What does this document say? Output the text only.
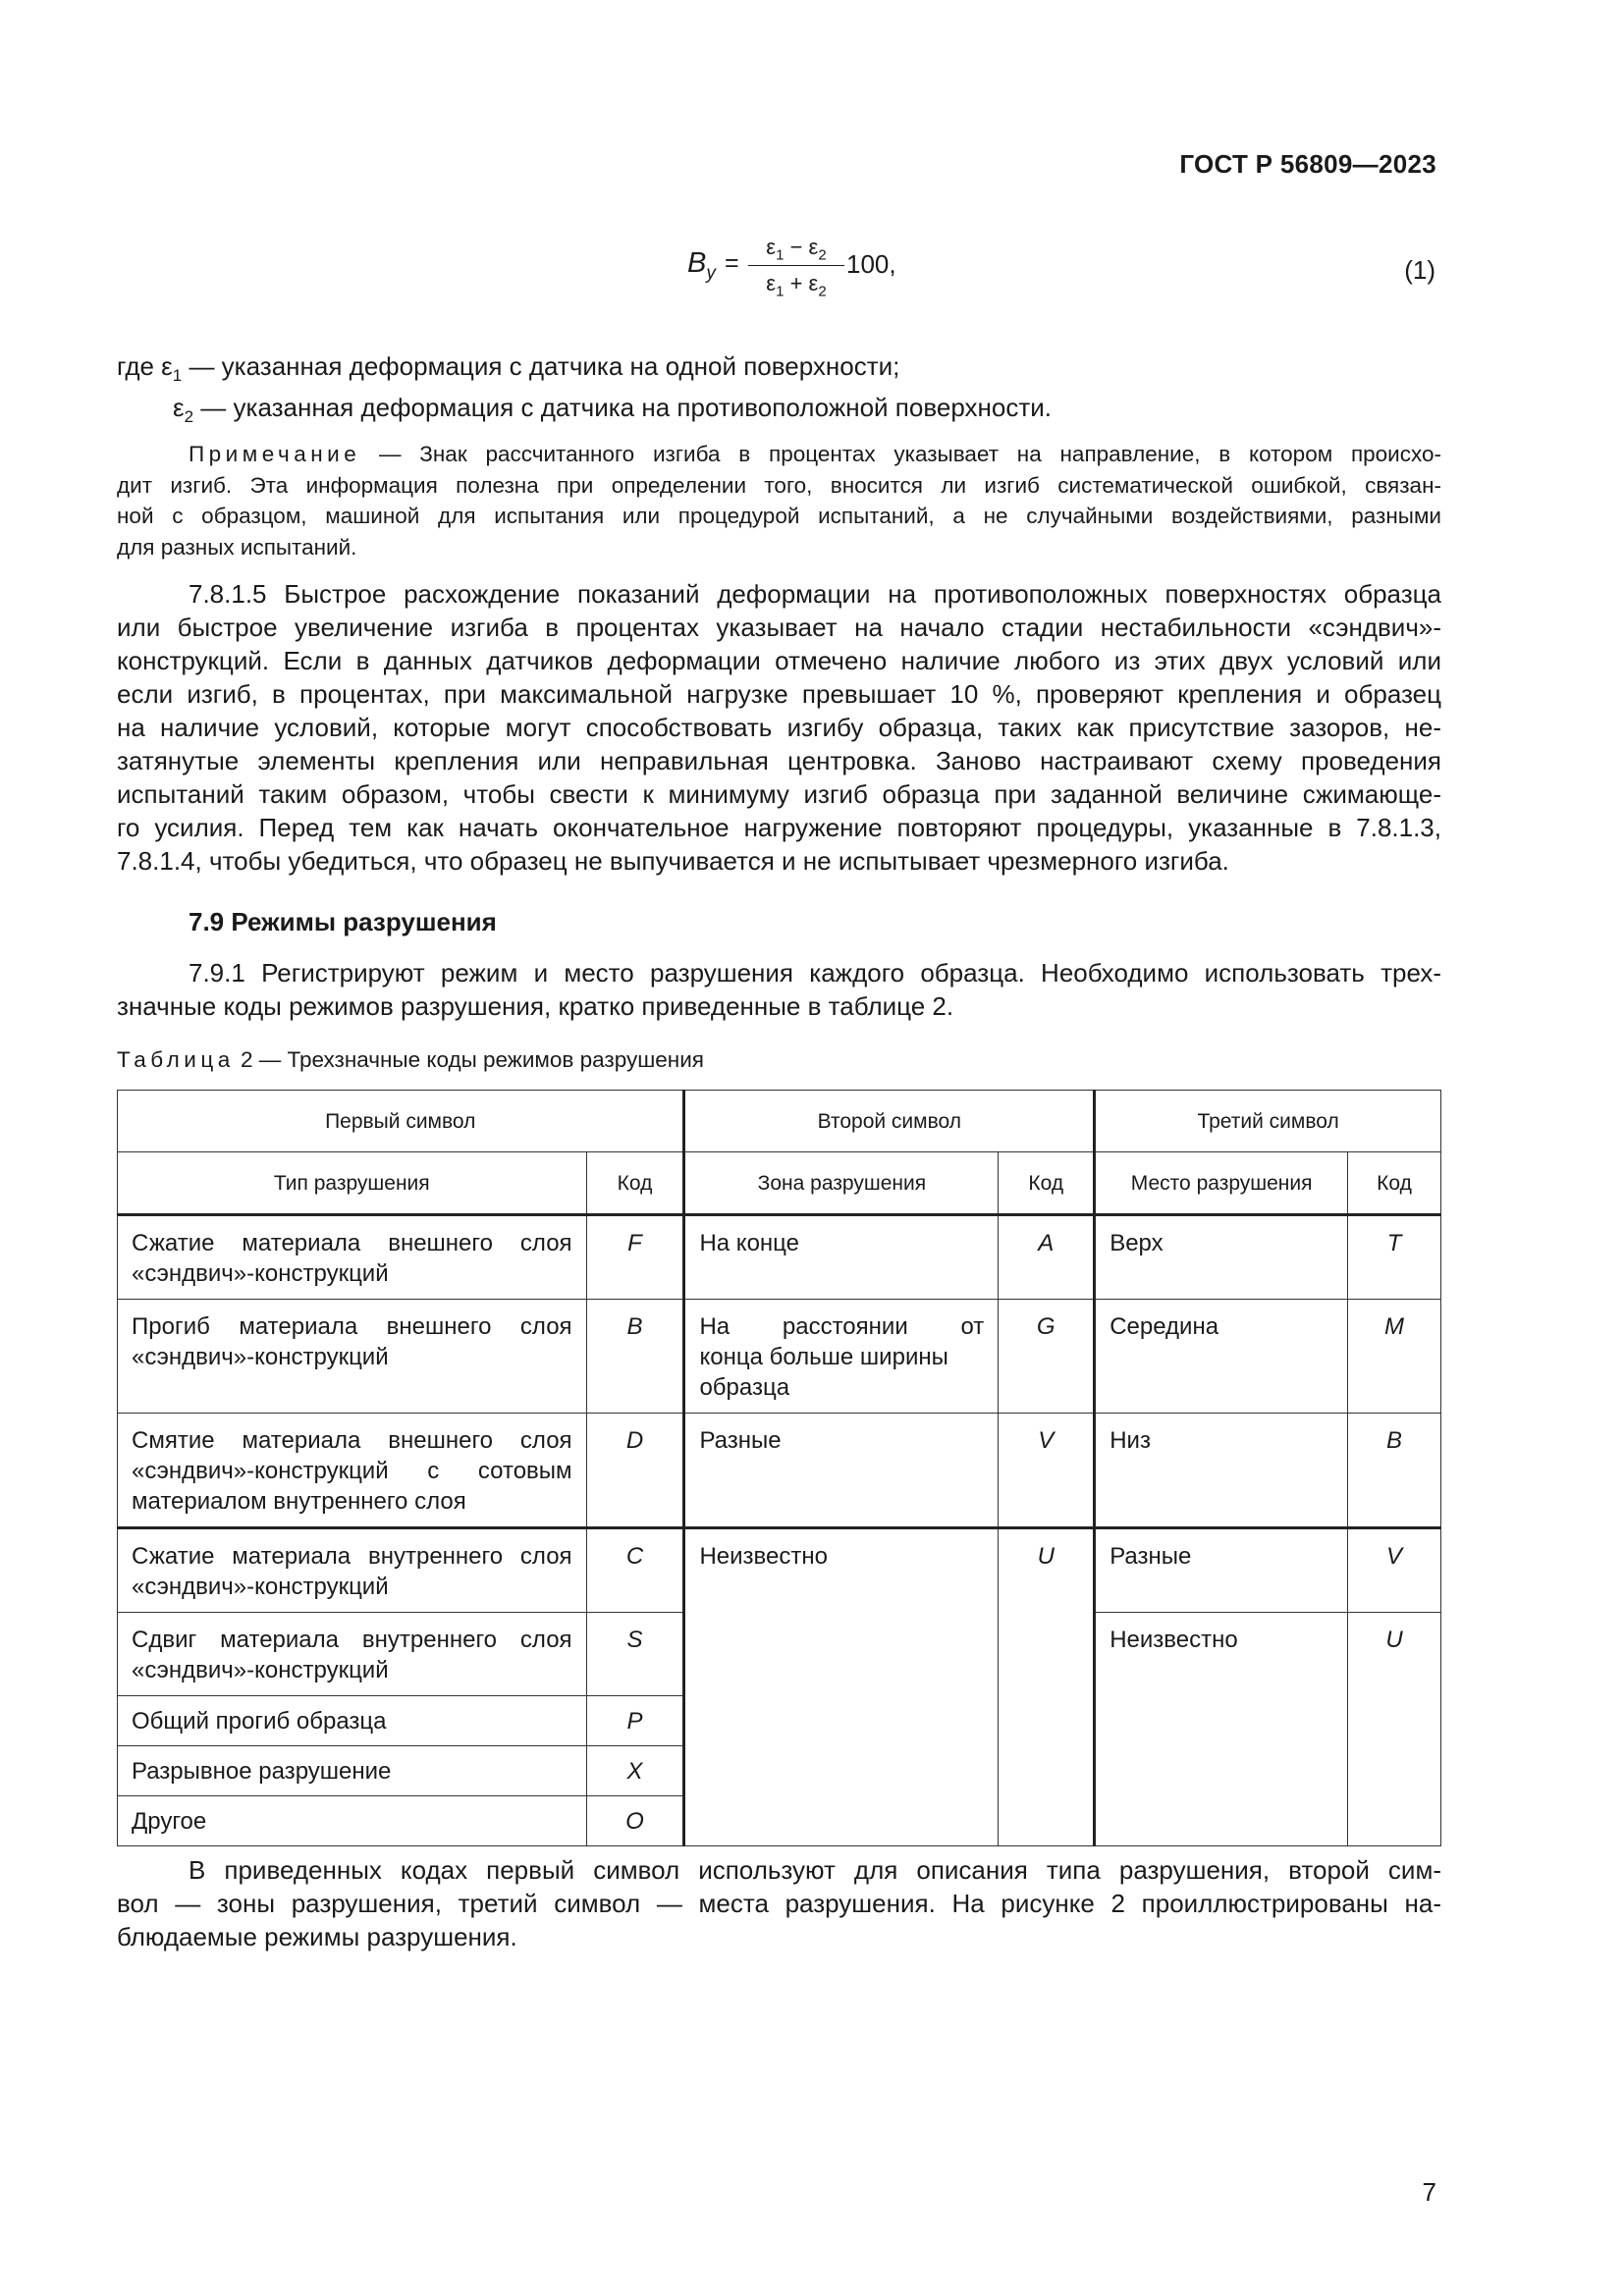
ГОСТ Р 56809—2023
$B_y$ =
$\varepsilon_1 - \varepsilon_2$
$\varepsilon_1 + \varepsilon_2$
100,	(1)
где $\varepsilon_1$ — указанная деформация с датчика на одной поверхности;
$\varepsilon_2$ — указанная деформация с датчика на противоположной поверхности.
Примечание — Знак рассчитанного изгиба в процентах указывает на направление, в котором происхо-
дит изгиб. Эта информация полезна при определении того, вносится ли изгиб систематической ошибкой, связан-
ной с образцом, машиной для испытания или процедурой испытаний, а не случайными воздействиями, разными
для разных испытаний.
7.8.1.5 Быстрое расхождение показаний деформации на противоположных поверхностях образца
или быстрое увеличение изгиба в процентах указывает на начало стадии нестабильности «сэндвич»-
конструкций. Если в данных датчиков деформации отмечено наличие любого из этих двух условий или
если изгиб, в процентах, при максимальной нагрузке превышает 10 %, проверяют крепления и образец
на наличие условий, которые могут способствовать изгибу образца, таких как присутствие зазоров, не-
затянутые элементы крепления или неправильная центровка. Заново настраивают схему проведения
испытаний таким образом, чтобы свести к минимуму изгиб образца при заданной величине сжимающе-
го усилия. Перед тем как начать окончательное нагружение повторяют процедуры, указанные в 7.8.1.3,
7.8.1.4, чтобы убедиться, что образец не выпучивается и не испытывает чрезмерного изгиба.
7.9 Режимы разрушения
7.9.1 Регистрируют режим и место разрушения каждого образца. Необходимо использовать трех-
значные коды режимов разрушения, кратко приведенные в таблице 2.
Таблица 2 — Трехзначные коды режимов разрушения
Первый символ		Второй символ		Третий символ	
Тип разрушения	Код	Зона разрушения	Код	Место разрушения	Код
Сжатие материала внешнего слоя «сэндвич»-конструкций	F	На конце	A	Верх	T
Прогиб материала внешнего слоя «сэндвич»-конструкций	B	На расстоянии от
конца больше ширины
образца	G	Середина	M
Смятие материала внешнего слоя «сэндвич»-конструкций с сотовым материалом внутреннего слоя	D	Разные	V	Низ	B
Сжатие материала внутреннего слоя «сэндвич»-конструкций	C	Неизвестно	U	Разные	V
Сдвиг материала внутреннего слоя «сэндвич»-конструкций	S			Неизвестно	U
Общий прогиб образца	P				
Разрывное разрушение	X				
Другое	O				
В приведенных кодах первый символ используют для описания типа разрушения, второй сим-
вол — зоны разрушения, третий символ — места разрушения. На рисунке 2 проиллюстрированы на-
блюдаемые режимы разрушения.
7
